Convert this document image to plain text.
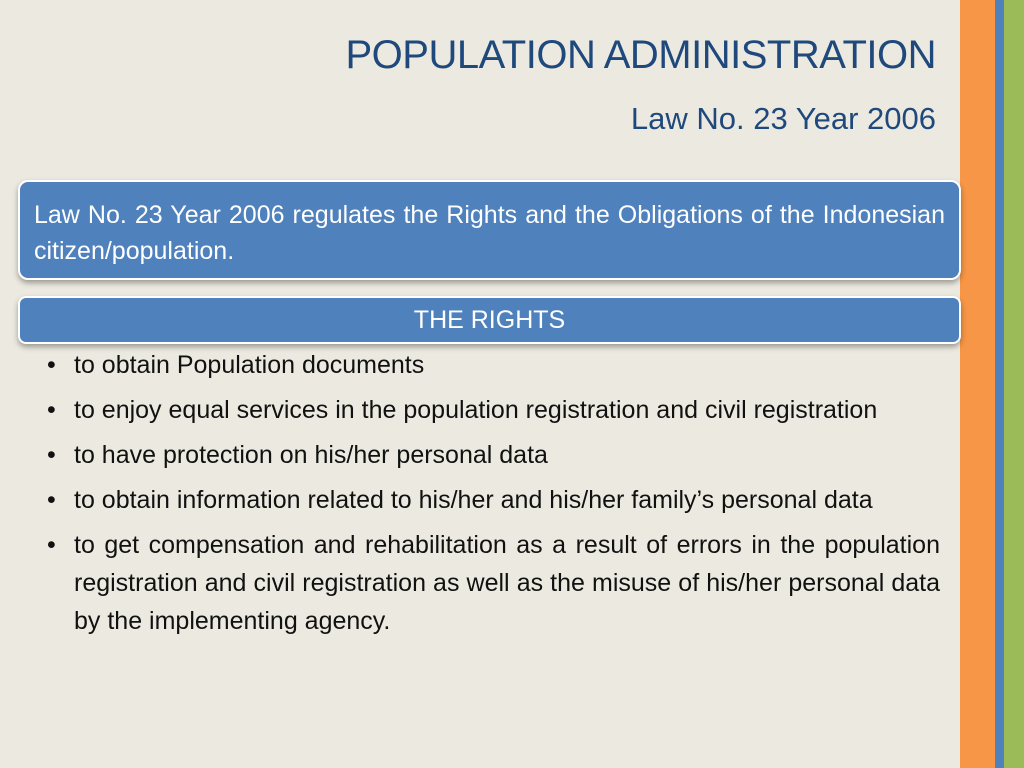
POPULATION ADMINISTRATION
Law No. 23 Year 2006
Law No. 23 Year 2006 regulates the Rights and the Obligations of the Indonesian citizen/population.
THE RIGHTS
• to obtain Population documents
• to enjoy equal services in the population registration and civil registration
• to have protection on his/her personal data
• to obtain information related to his/her and his/her family’s personal data
• to get compensation and rehabilitation as a result of errors in the population registration and civil registration as well as the misuse of his/her personal data by the implementing agency.
